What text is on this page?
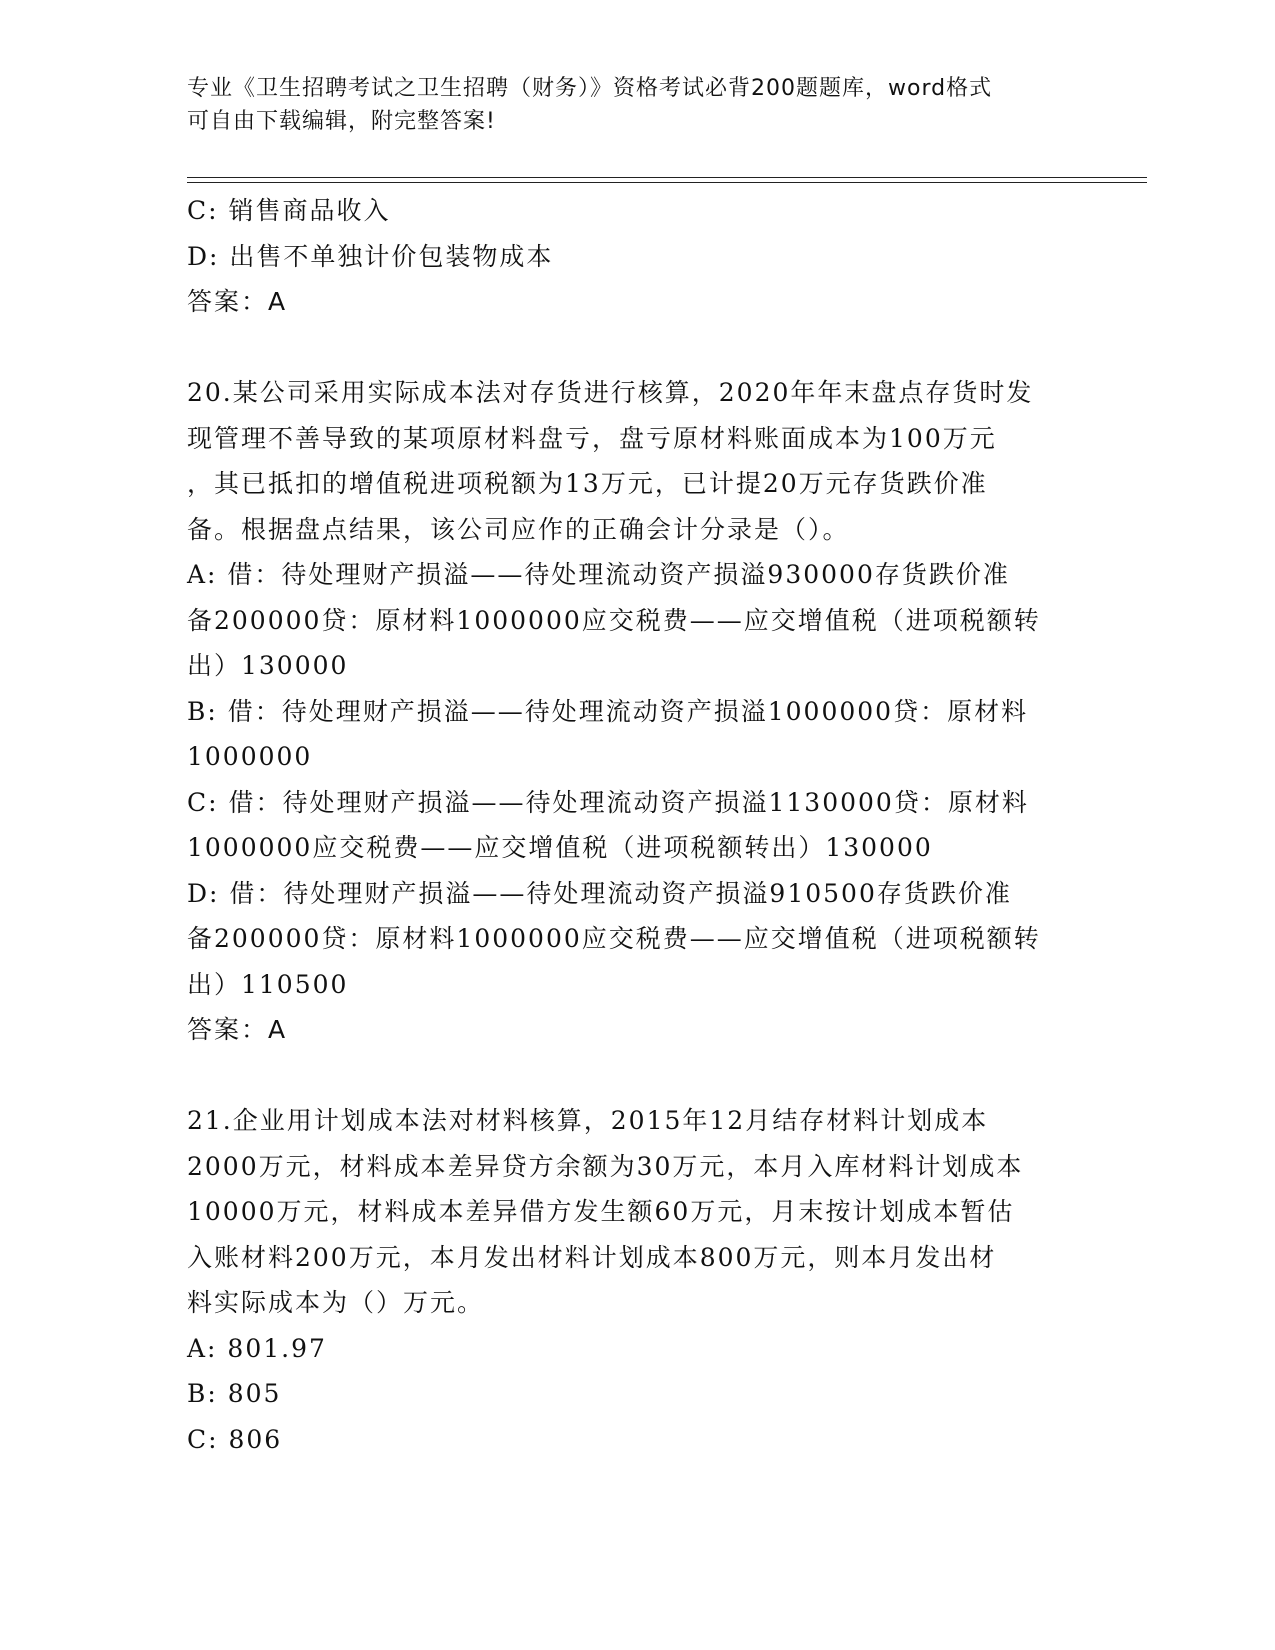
专业《卫生招聘考试之卫生招聘（财务）》资格考试必背200题题库，word格式
可自由下载编辑，附完整答案!
C: 销售商品收入
D: 出售不单独计价包装物成本
答案：A
20.某公司采用实际成本法对存货进行核算，2020年年末盘点存货时发
现管理不善导致的某项原材料盘亏，盘亏原材料账面成本为100万元
，其已抵扣的增值税进项税额为13万元，已计提20万元存货跌价准
备。根据盘点结果，该公司应作的正确会计分录是（）。
A: 借：待处理财产损溢——待处理流动资产损溢930000存货跌价准
备200000贷：原材料1000000应交税费——应交增值税（进项税额转
出）130000
B: 借：待处理财产损溢——待处理流动资产损溢1000000贷：原材料
1000000
C: 借：待处理财产损溢——待处理流动资产损溢1130000贷：原材料
1000000应交税费——应交增值税（进项税额转出）130000
D: 借：待处理财产损溢——待处理流动资产损溢910500存货跌价准
备200000贷：原材料1000000应交税费——应交增值税（进项税额转
出）110500
答案：A
21.企业用计划成本法对材料核算，2015年12月结存材料计划成本
2000万元，材料成本差异贷方余额为30万元，本月入库材料计划成本
10000万元，材料成本差异借方发生额60万元，月末按计划成本暂估
入账材料200万元，本月发出材料计划成本800万元，则本月发出材
料实际成本为（）万元。
A: 801.97
B: 805
C: 806
